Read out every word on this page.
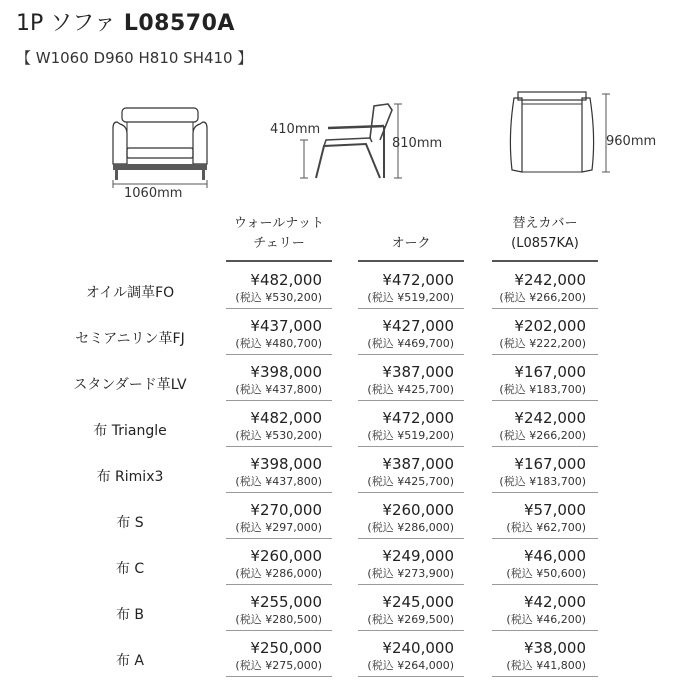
1P ソファ L08570A
【 W1060 D960 H810 SH410 】
1060mm
410mm
810mm	960mm
ウォールナット
チェリー	オーク
替えカバー
(L0857KA)
オイル調革FO
¥482,000
(税込 ¥530,200)
¥472,000
(税込 ¥519,200)
¥242,000
(税込 ¥266,200)
セミアニリン革FJ
¥437,000
(税込 ¥480,700)
¥427,000
(税込 ¥469,700)
¥202,000
(税込 ¥222,200)
スタンダード革LV
¥398,000
(税込 ¥437,800)
¥387,000
(税込 ¥425,700)
¥167,000
(税込 ¥183,700)
布 Triangle
¥482,000
(税込 ¥530,200)
¥472,000
(税込 ¥519,200)
¥242,000
(税込 ¥266,200)
布 Rimix3
¥398,000
(税込 ¥437,800)
¥387,000
(税込 ¥425,700)
¥167,000
(税込 ¥183,700)
布 S
¥270,000
(税込 ¥297,000)
¥260,000
(税込 ¥286,000)
¥57,000
(税込 ¥62,700)
布 C
¥260,000
(税込 ¥286,000)
¥249,000
(税込 ¥273,900)
¥46,000
(税込 ¥50,600)
布 B
¥255,000
(税込 ¥280,500)
¥245,000
(税込 ¥269,500)
¥42,000
(税込 ¥46,200)
布 A
¥250,000
(税込 ¥275,000)
¥240,000
(税込 ¥264,000)
¥38,000
(税込 ¥41,800)
